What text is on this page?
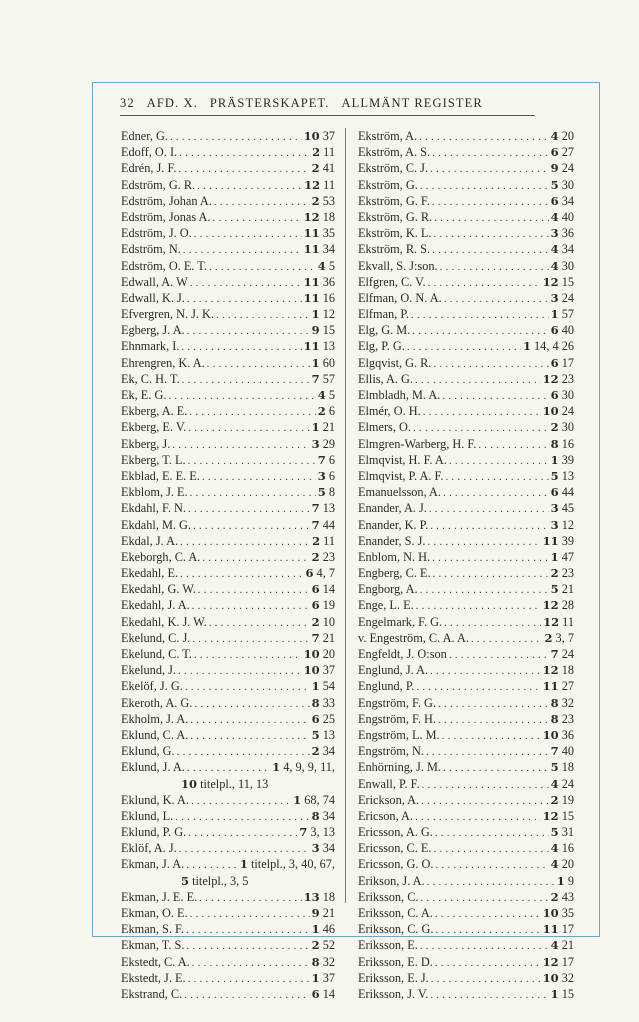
32 AFD. X. PRÄSTERSKAPET. ALLMÄNT REGISTER
Edner, G. .....	10 37
Edoff, O. I. .....	2 11
Edrén, J. F. .....	2 41
Edström, G. R. .....	12 11
Edström, Johan A. .....	2 53
Edström, Jonas A. .....	12 18
Edström, J. O. .....	11 35
Edström, N. .....	11 34
Edström, O. E. T. .....	4 5
Edwall, A. W .....	11 36
Edwall, K. J. .....	11 16
Efvergren, N. J. K. .....	1 12
Egberg, J. A. .....	9 15
Ehnmark, I. .....	11 13
Ehrengren, K. A. .....	1 60
Ek, C. H. T. .....	7 57
Ek, E. G. .....	4 5
Ekberg, A. E. .....	2 6
Ekberg, E. V. .....	1 21
Ekberg, J. .....	3 29
Ekberg, T. L. .....	7 6
Ekblad, E. E. E. .....	3 6
Ekblom, J. E. .....	5 8
Ekdahl, F. N. .....	7 13
Ekdahl, M. G. .....	7 44
Ekdal, J. A. .....	2 11
Ekeborgh, C. A. .....	2 23
Ekedahl, E. .....	6 4, 7
Ekedahl, G. W. .....	6 14
Ekedahl, J. A. .....	6 19
Ekedahl, K. J. W. .....	2 10
Ekelund, C. J. .....	7 21
Ekelund, C. T. .....	10 20
Ekelund, J. .....	10 37
Ekelöf, J. G. .....	1 54
Ekeroth, A. G. .....	8 33
Ekholm, J. A. .....	6 25
Eklund, C. A. .....	5 13
Eklund, G. .....	2 34
Eklund, J. A. .....	1 4, 9, 9, 11,
10 titelpl., 11, 13
Eklund, K. A. .....	1 68, 74
Eklund, L. .....	8 34
Eklund, P. G. .....	7 3, 13
Eklöf, A. J. .....	3 34
Ekman, J. A. .....	1 titelpl., 3, 40, 67,
5 titelpl., 3, 5
Ekman, J. E. E. .....	13 18
Ekman, O. E. .....	9 21
Ekman, S. F. .....	1 46
Ekman, T. S. .....	2 52
Ekstedt, C. A. .....	8 32
Ekstedt, J. E. .....	1 37
Ekstrand, C. .....	6 14
Ekström, A. .....	4 20
Ekström, A. S. .....	6 27
Ekström, C. J. .....	9 24
Ekström, G. .....	5 30
Ekström, G. F. .....	6 34
Ekström, G. R. .....	4 40
Ekström, K. L. .....	3 36
Ekström, R. S. .....	4 34
Ekvall, S. J:son. .....	4 30
Elfgren, C. V. .....	12 15
Elfman, O. N. A. .....	3 24
Elfman, P. .....	1 57
Elg, G. M. .....	6 40
Elg, P. G. .....	1 14, 4 26
Elgqvist, G. R. .....	6 17
Ellis, A. G. .....	12 23
Elmbladh, M. A. .....	6 30
Elmér, O. H. .....	10 24
Elmers, O. .....	2 30
Elmgren-Warberg, H. F. .....	8 16
Elmqvist, H. F. A. .....	1 39
Elmqvist, P. A. F. .....	5 13
Emanuelsson, A. .....	6 44
Enander, A. J. .....	3 45
Enander, K. P. .....	3 12
Enander, S. J. .....	11 39
Enblom, N. H. .....	1 47
Engberg, C. E. .....	2 23
Engborg, A. .....	5 21
Enge, L. E. .....	12 28
Engelmark, F. G. .....	12 11
v. Engeström, C. A. A. .....	2 3, 7
Engfeldt, J. O:son .....	7 24
Englund, J. A. .....	12 18
Englund, P. .....	11 27
Engström, F. G. .....	8 32
Engström, F. H. .....	8 23
Engström, L. M. .....	10 36
Engström, N. .....	7 40
Enhörning, J. M. .....	5 18
Enwall, P. F. .....	4 24
Erickson, A. .....	2 19
Ericson, A. .....	12 15
Ericsson, A. G. .....	5 31
Ericsson, C. E. .....	4 16
Ericsson, G. O. .....	4 20
Erikson, J. A. .....	1 9
Eriksson, C. .....	2 43
Eriksson, C. A. .....	10 35
Eriksson, C. G. .....	11 17
Eriksson, E. .....	4 21
Eriksson, E. D. .....	12 17
Eriksson, E. J. .....	10 32
Eriksson, J. V. .....	1 15
